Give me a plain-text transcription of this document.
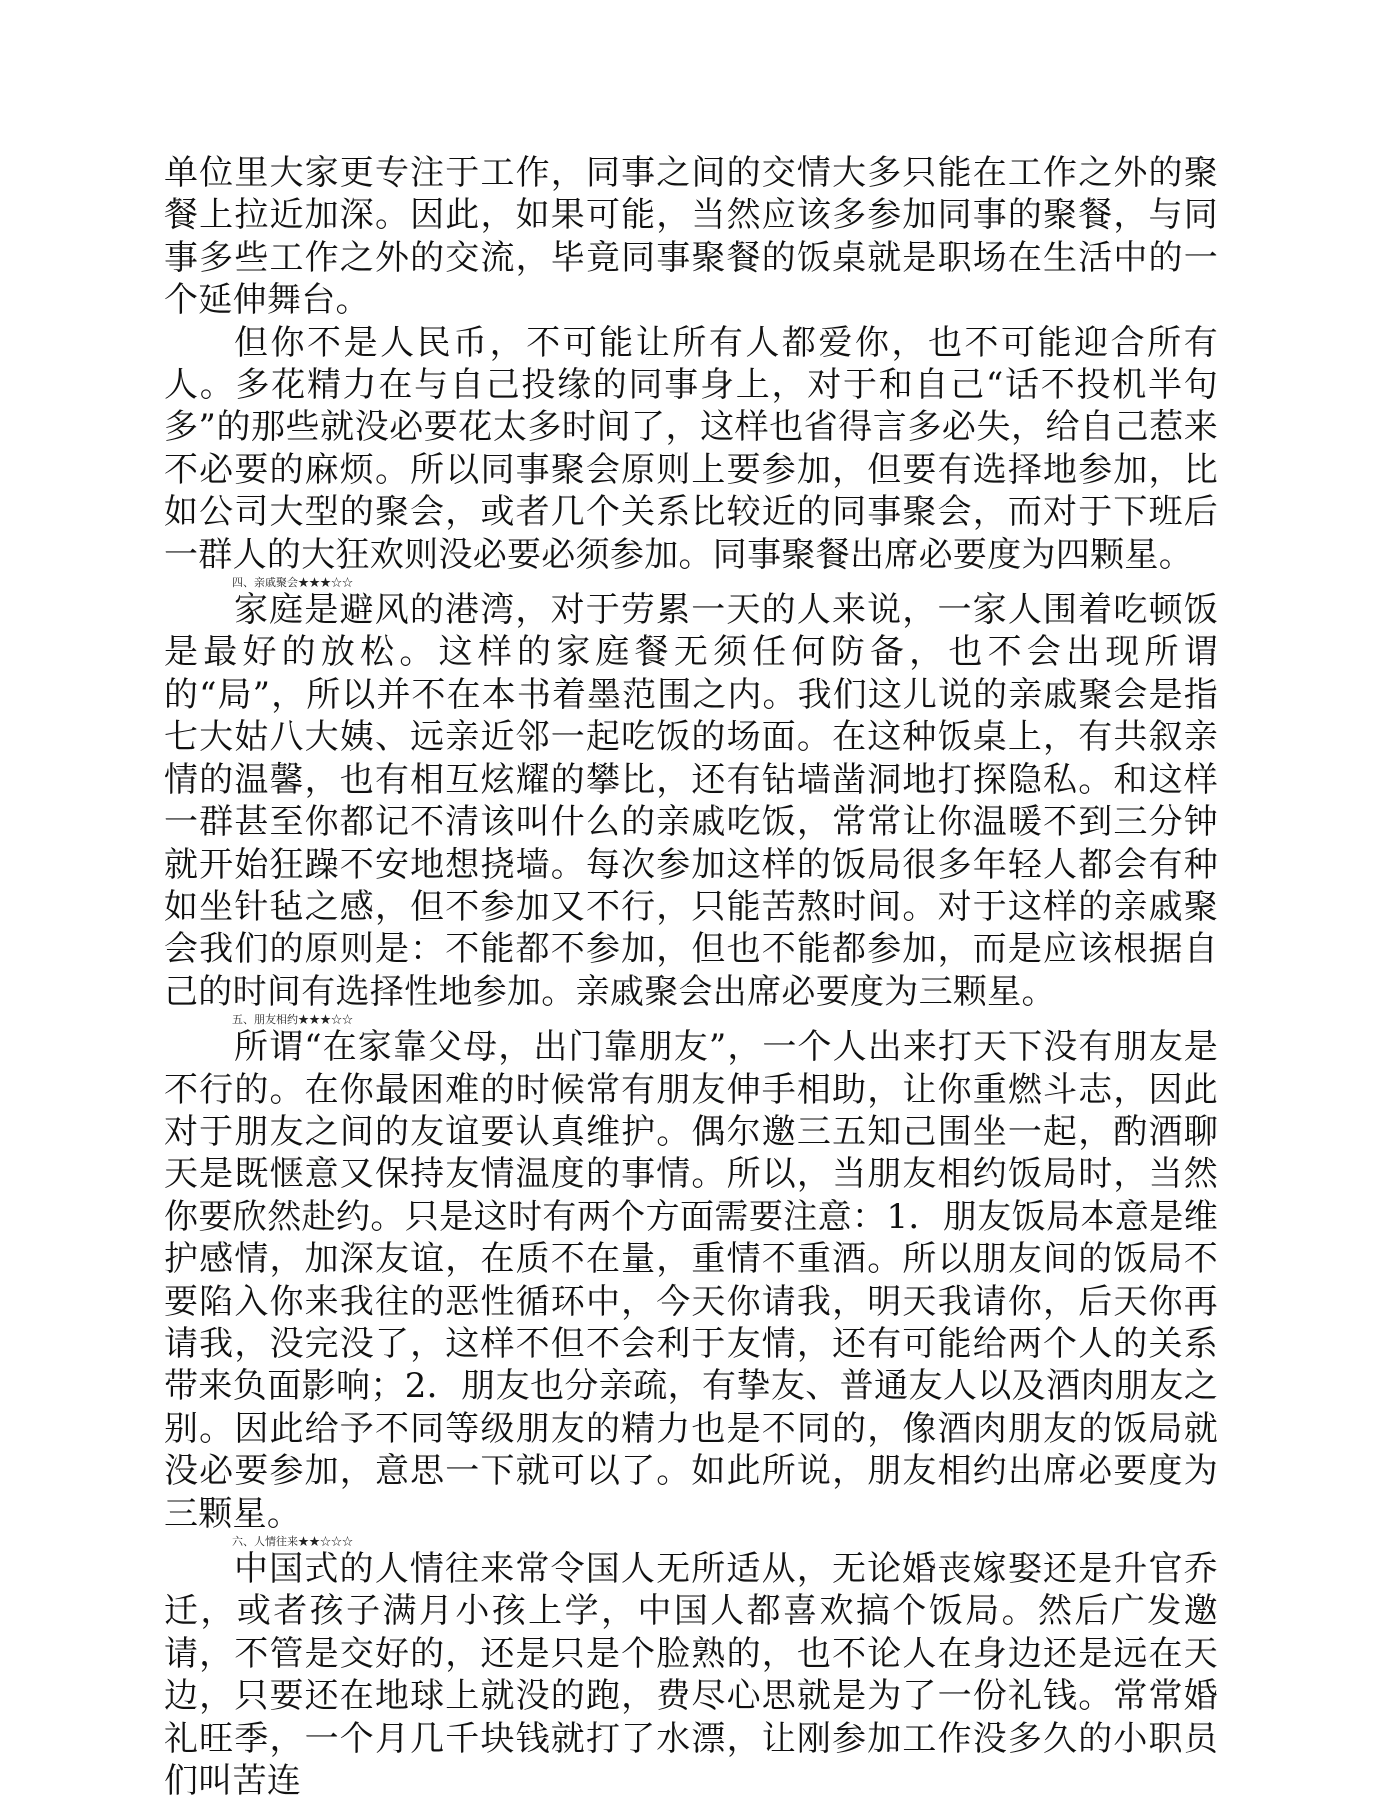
单位里大家更专注于工作，同事之间的交情大多只能在工作之外的聚餐上拉近加深。因此，如果可能，当然应该多参加同事的聚餐，与同事多些工作之外的交流，毕竟同事聚餐的饭桌就是职场在生活中的一个延伸舞台。

但你不是人民币，不可能让所有人都爱你，也不可能迎合所有人。多花精力在与自己投缘的同事身上，对于和自己“话不投机半句多”的那些就没必要花太多时间了，这样也省得言多必失，给自己惹来不必要的麻烦。所以同事聚会原则上要参加，但要有选择地参加，比如公司大型的聚会，或者几个关系比较近的同事聚会，而对于下班后一群人的大狂欢则没必要必须参加。同事聚餐出席必要度为四颗星。

四、亲戚聚会★★★☆☆

家庭是避风的港湾，对于劳累一天的人来说，一家人围着吃顿饭是最好的放松。这样的家庭餐无须任何防备，也不会出现所谓的“局”，所以并不在本书着墨范围之内。我们这儿说的亲戚聚会是指七大姑八大姨、远亲近邻一起吃饭的场面。在这种饭桌上，有共叙亲情的温馨，也有相互炫耀的攀比，还有钻墙凿洞地打探隐私。和这样一群甚至你都记不清该叫什么的亲戚吃饭，常常让你温暖不到三分钟就开始狂躁不安地想挠墙。每次参加这样的饭局很多年轻人都会有种如坐针毡之感，但不参加又不行，只能苦熬时间。对于这样的亲戚聚会我们的原则是：不能都不参加，但也不能都参加，而是应该根据自己的时间有选择性地参加。亲戚聚会出席必要度为三颗星。

五、朋友相约★★★☆☆

所谓“在家靠父母，出门靠朋友”，一个人出来打天下没有朋友是不行的。在你最困难的时候常有朋友伸手相助，让你重燃斗志，因此对于朋友之间的友谊要认真维护。偶尔邀三五知己围坐一起，酌酒聊天是既惬意又保持友情温度的事情。所以，当朋友相约饭局时，当然你要欣然赴约。只是这时有两个方面需要注意：1．朋友饭局本意是维护感情，加深友谊，在质不在量，重情不重酒。所以朋友间的饭局不要陷入你来我往的恶性循环中，今天你请我，明天我请你，后天你再请我，没完没了，这样不但不会利于友情，还有可能给两个人的关系带来负面影响；2．朋友也分亲疏，有挚友、普通友人以及酒肉朋友之别。因此给予不同等级朋友的精力也是不同的，像酒肉朋友的饭局就没必要参加，意思一下就可以了。如此所说，朋友相约出席必要度为三颗星。

六、人情往来★★☆☆☆

中国式的人情往来常令国人无所适从，无论婚丧嫁娶还是升官乔迁，或者孩子满月小孩上学，中国人都喜欢搞个饭局。然后广发邀请，不管是交好的，还是只是个脸熟的，也不论人在身边还是远在天边，只要还在地球上就没的跑，费尽心思就是为了一份礼钱。常常婚礼旺季，一个月几千块钱就打了水漂，让刚参加工作没多久的小职员们叫苦连
